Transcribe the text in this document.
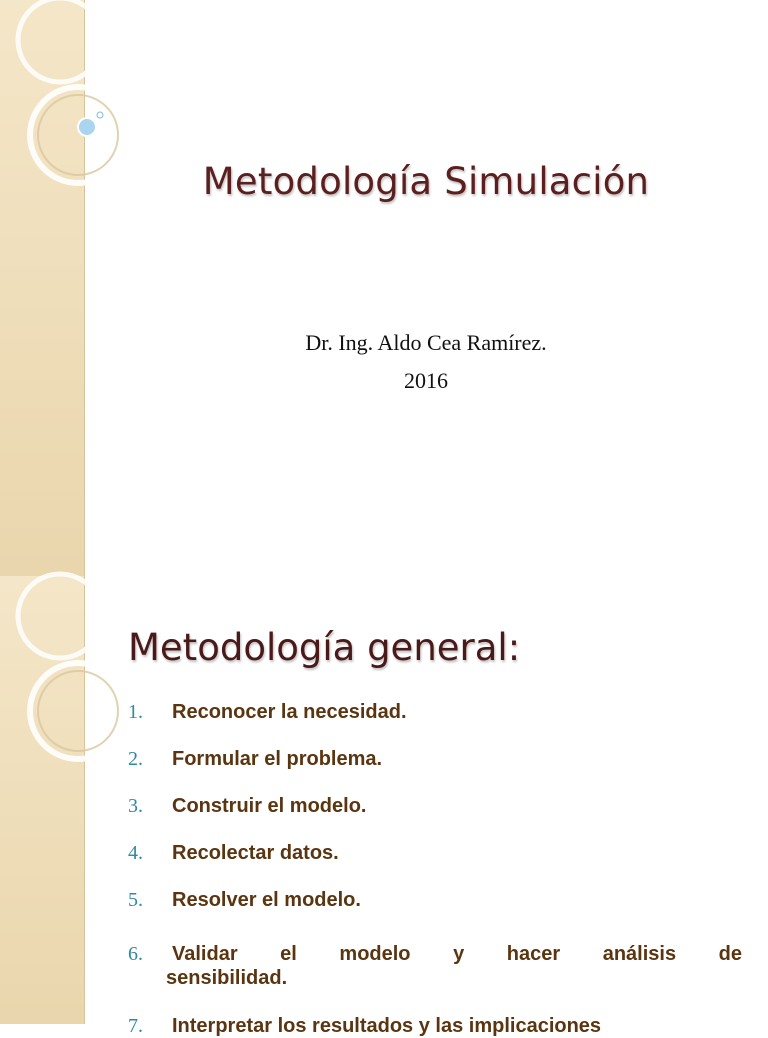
Metodología Simulación
Dr. Ing. Aldo Cea Ramírez.
2016
Metodología general:
1. Reconocer la necesidad.
2. Formular el problema.
3. Construir el modelo.
4. Recolectar datos.
5. Resolver el modelo.
6. Validar el modelo y hacer análisis de
sensibilidad.
7. Interpretar los resultados y las implicaciones
